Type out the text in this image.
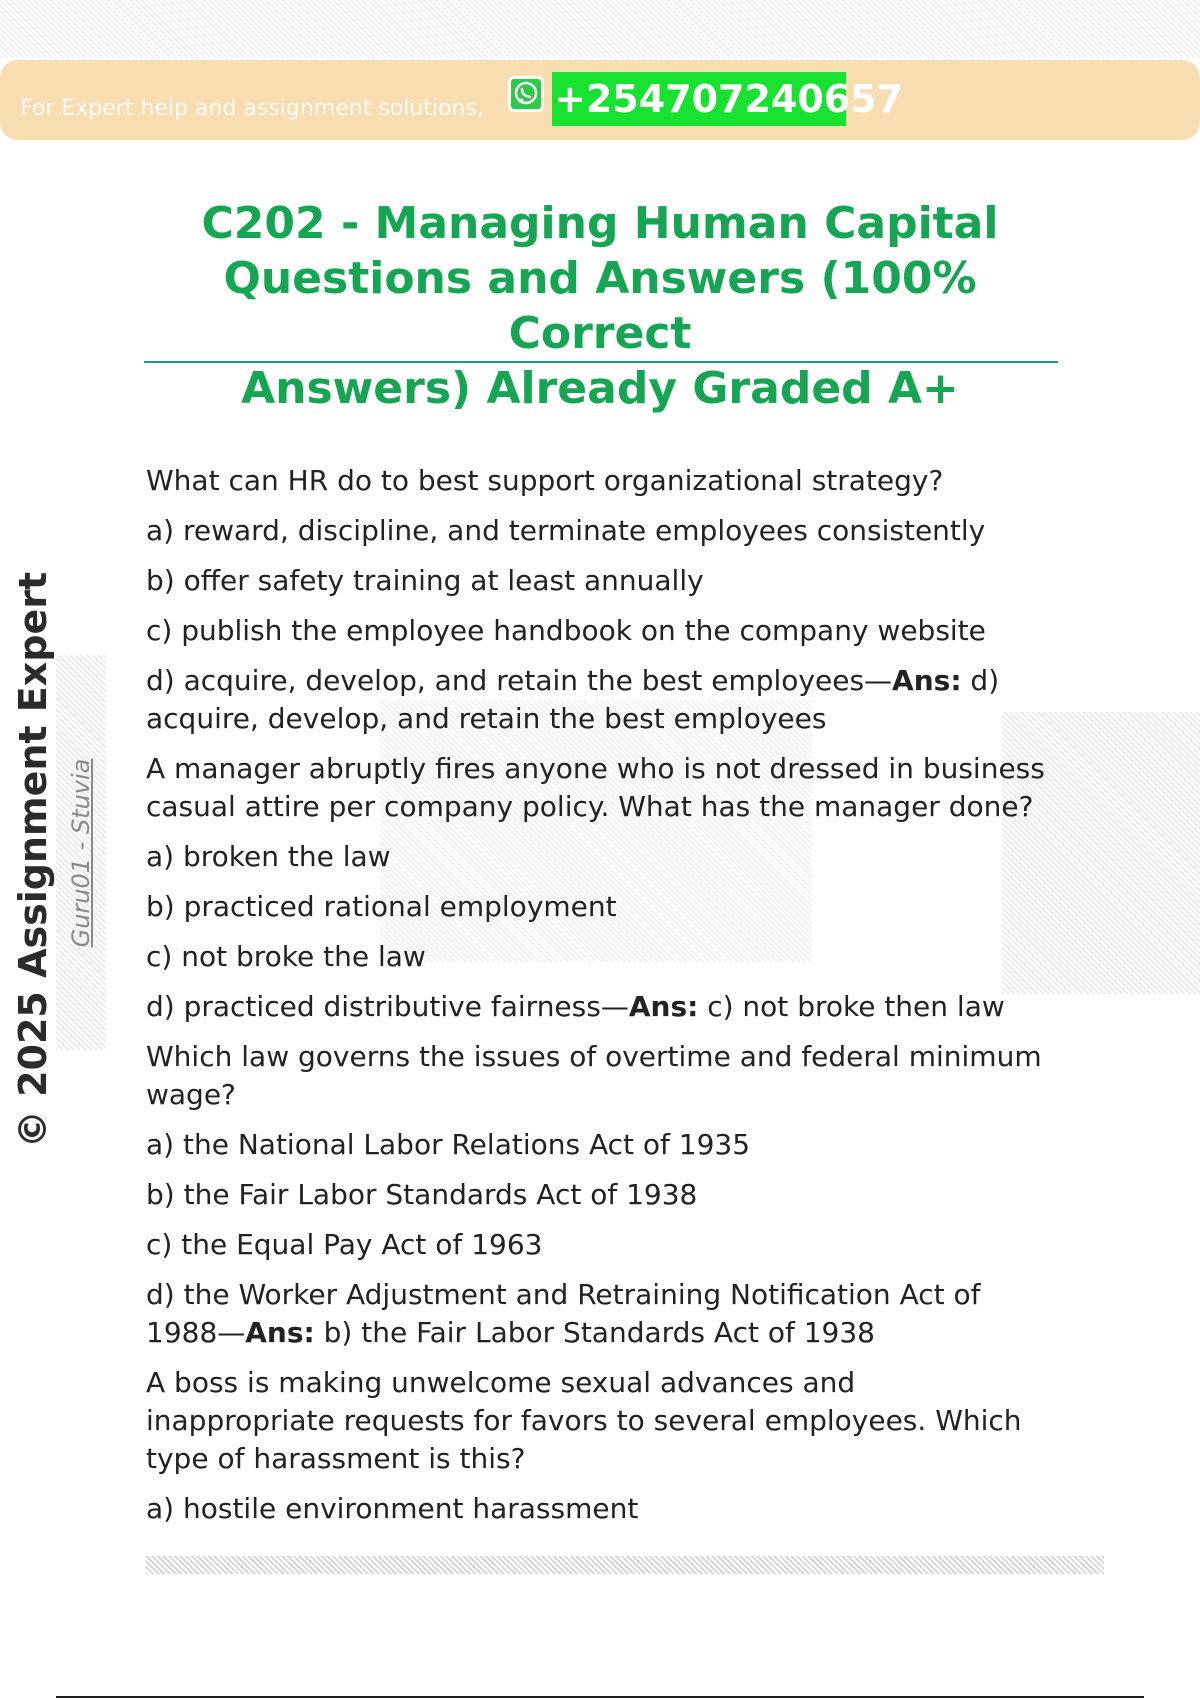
For Expert help and assignment solutions, +254707240657
C202 - Managing Human Capital
Questions and Answers (100% Correct
Answers) Already Graded A+
© 2025 Assignment Expert Guru01 - Stuvia
What can HR do to best support organizational strategy?
a) reward, discipline, and terminate employees consistently
b) offer safety training at least annually
c) publish the employee handbook on the company website
d) acquire, develop, and retain the best employees—Ans: d) acquire, develop, and retain the best employees
A manager abruptly fires anyone who is not dressed in business casual attire per company policy. What has the manager done?
a) broken the law
b) practiced rational employment
c) not broke the law
d) practiced distributive fairness—Ans: c) not broke then law
Which law governs the issues of overtime and federal minimum wage?
a) the National Labor Relations Act of 1935
b) the Fair Labor Standards Act of 1938
c) the Equal Pay Act of 1963
d) the Worker Adjustment and Retraining Notification Act of 1988—Ans: b) the Fair Labor Standards Act of 1938
A boss is making unwelcome sexual advances and inappropriate requests for favors to several employees. Which type of harassment is this?
a) hostile environment harassment
